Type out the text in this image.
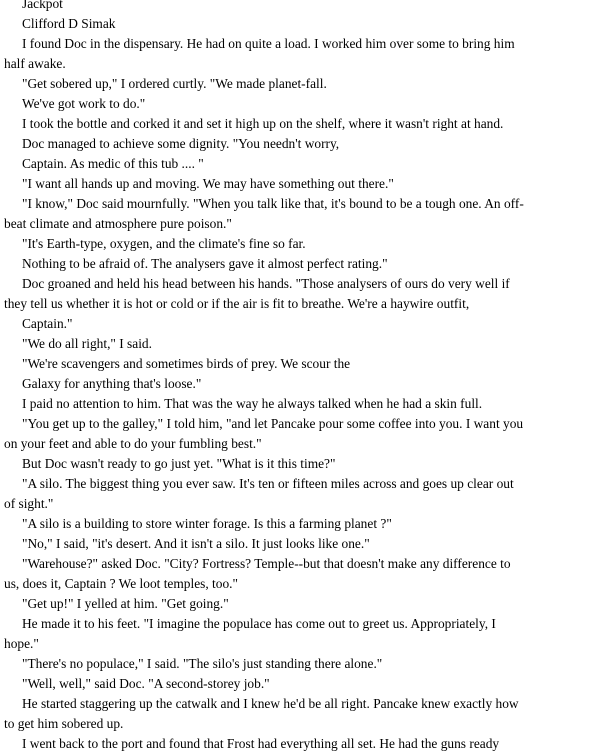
Jackpot
Clifford D Simak
I found Doc in the dispensary. He had on quite a load. I worked him over some to bring him
half awake.
"Get sobered up," I ordered curtly. "We made planet-fall.
We've got work to do."
I took the bottle and corked it and set it high up on the shelf, where it wasn't right at hand.
Doc managed to achieve some dignity. "You needn't worry,
Captain. As medic of this tub .... "
"I want all hands up and moving. We may have something out there."
"I know," Doc said mournfully. "When you talk like that, it's bound to be a tough one. An off-
beat climate and atmosphere pure poison."
"It's Earth-type, oxygen, and the climate's fine so far.
Nothing to be afraid of. The analysers gave it almost perfect rating."
Doc groaned and held his head between his hands. "Those analysers of ours do very well if
they tell us whether it is hot or cold or if the air is fit to breathe. We're a haywire outfit,
Captain."
"We do all right," I said.
"We're scavengers and sometimes birds of prey. We scour the
Galaxy for anything that's loose."
I paid no attention to him. That was the way he always talked when he had a skin full.
"You get up to the galley," I told him, "and let Pancake pour some coffee into you. I want you
on your feet and able to do your fumbling best."
But Doc wasn't ready to go just yet. "What is it this time?"
"A silo. The biggest thing you ever saw. It's ten or fifteen miles across and goes up clear out
of sight."
"A silo is a building to store winter forage. Is this a farming planet ?"
"No," I said, "it's desert. And it isn't a silo. It just looks like one."
"Warehouse?" asked Doc. "City? Fortress? Temple--but that doesn't make any difference to
us, does it, Captain ? We loot temples, too."
"Get up!" I yelled at him. "Get going."
He made it to his feet. "I imagine the populace has come out to greet us. Appropriately, I
hope."
"There's no populace," I said. "The silo's just standing there alone."
"Well, well," said Doc. "A second-storey job."
He started staggering up the catwalk and I knew he'd be all right. Pancake knew exactly how
to get him sobered up.
I went back to the port and found that Frost had everything all set. He had the guns ready
